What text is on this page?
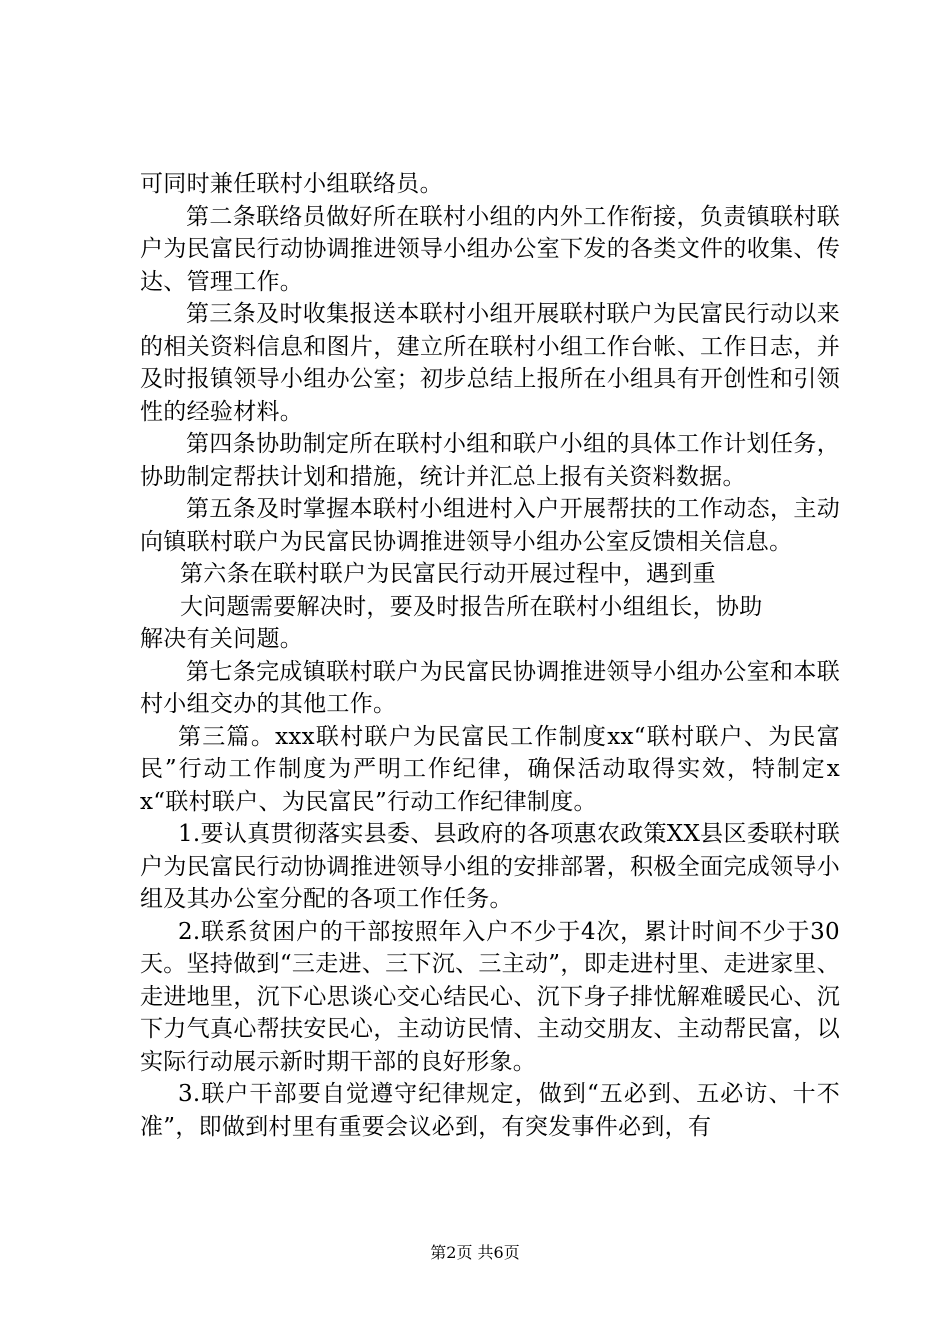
可同时兼任联村小组联络员。

第二条联络员做好所在联村小组的内外工作衔接，负责镇联村联户为民富民行动协调推进领导小组办公室下发的各类文件的收集、传达、管理工作。

第三条及时收集报送本联村小组开展联村联户为民富民行动以来的相关资料信息和图片，建立所在联村小组工作台帐、工作日志，并及时报镇领导小组办公室；初步总结上报所在小组具有开创性和引领性的经验材料。

第四条协助制定所在联村小组和联户小组的具体工作计划任务，协助制定帮扶计划和措施，统计并汇总上报有关资料数据。

第五条及时掌握本联村小组进村入户开展帮扶的工作动态，主动向镇联村联户为民富民协调推进领导小组办公室反馈相关信息。

第六条在联村联户为民富民行动开展过程中，遇到重
大问题需要解决时，要及时报告所在联村小组组长，协助
解决有关问题。

第七条完成镇联村联户为民富民协调推进领导小组办公室和本联村小组交办的其他工作。

第三篇。xxx联村联户为民富民工作制度xx“联村联户、为民富民”行动工作制度为严明工作纪律，确保活动取得实效，特制定xx“联村联户、为民富民”行动工作纪律制度。

1.要认真贯彻落实县委、县政府的各项惠农政策XX县区委联村联户为民富民行动协调推进领导小组的安排部署，积极全面完成领导小组及其办公室分配的各项工作任务。

2.联系贫困户的干部按照年入户不少于4次，累计时间不少于30天。坚持做到“三走进、三下沉、三主动”，即走进村里、走进家里、走进地里，沉下心思谈心交心结民心、沉下身子排忧解难暖民心、沉下力气真心帮扶安民心，主动访民情、主动交朋友、主动帮民富，以实际行动展示新时期干部的良好形象。

3.联户干部要自觉遵守纪律规定，做到“五必到、五必访、十不准”，即做到村里有重要会议必到，有突发事件必到，有

第2页 共6页
